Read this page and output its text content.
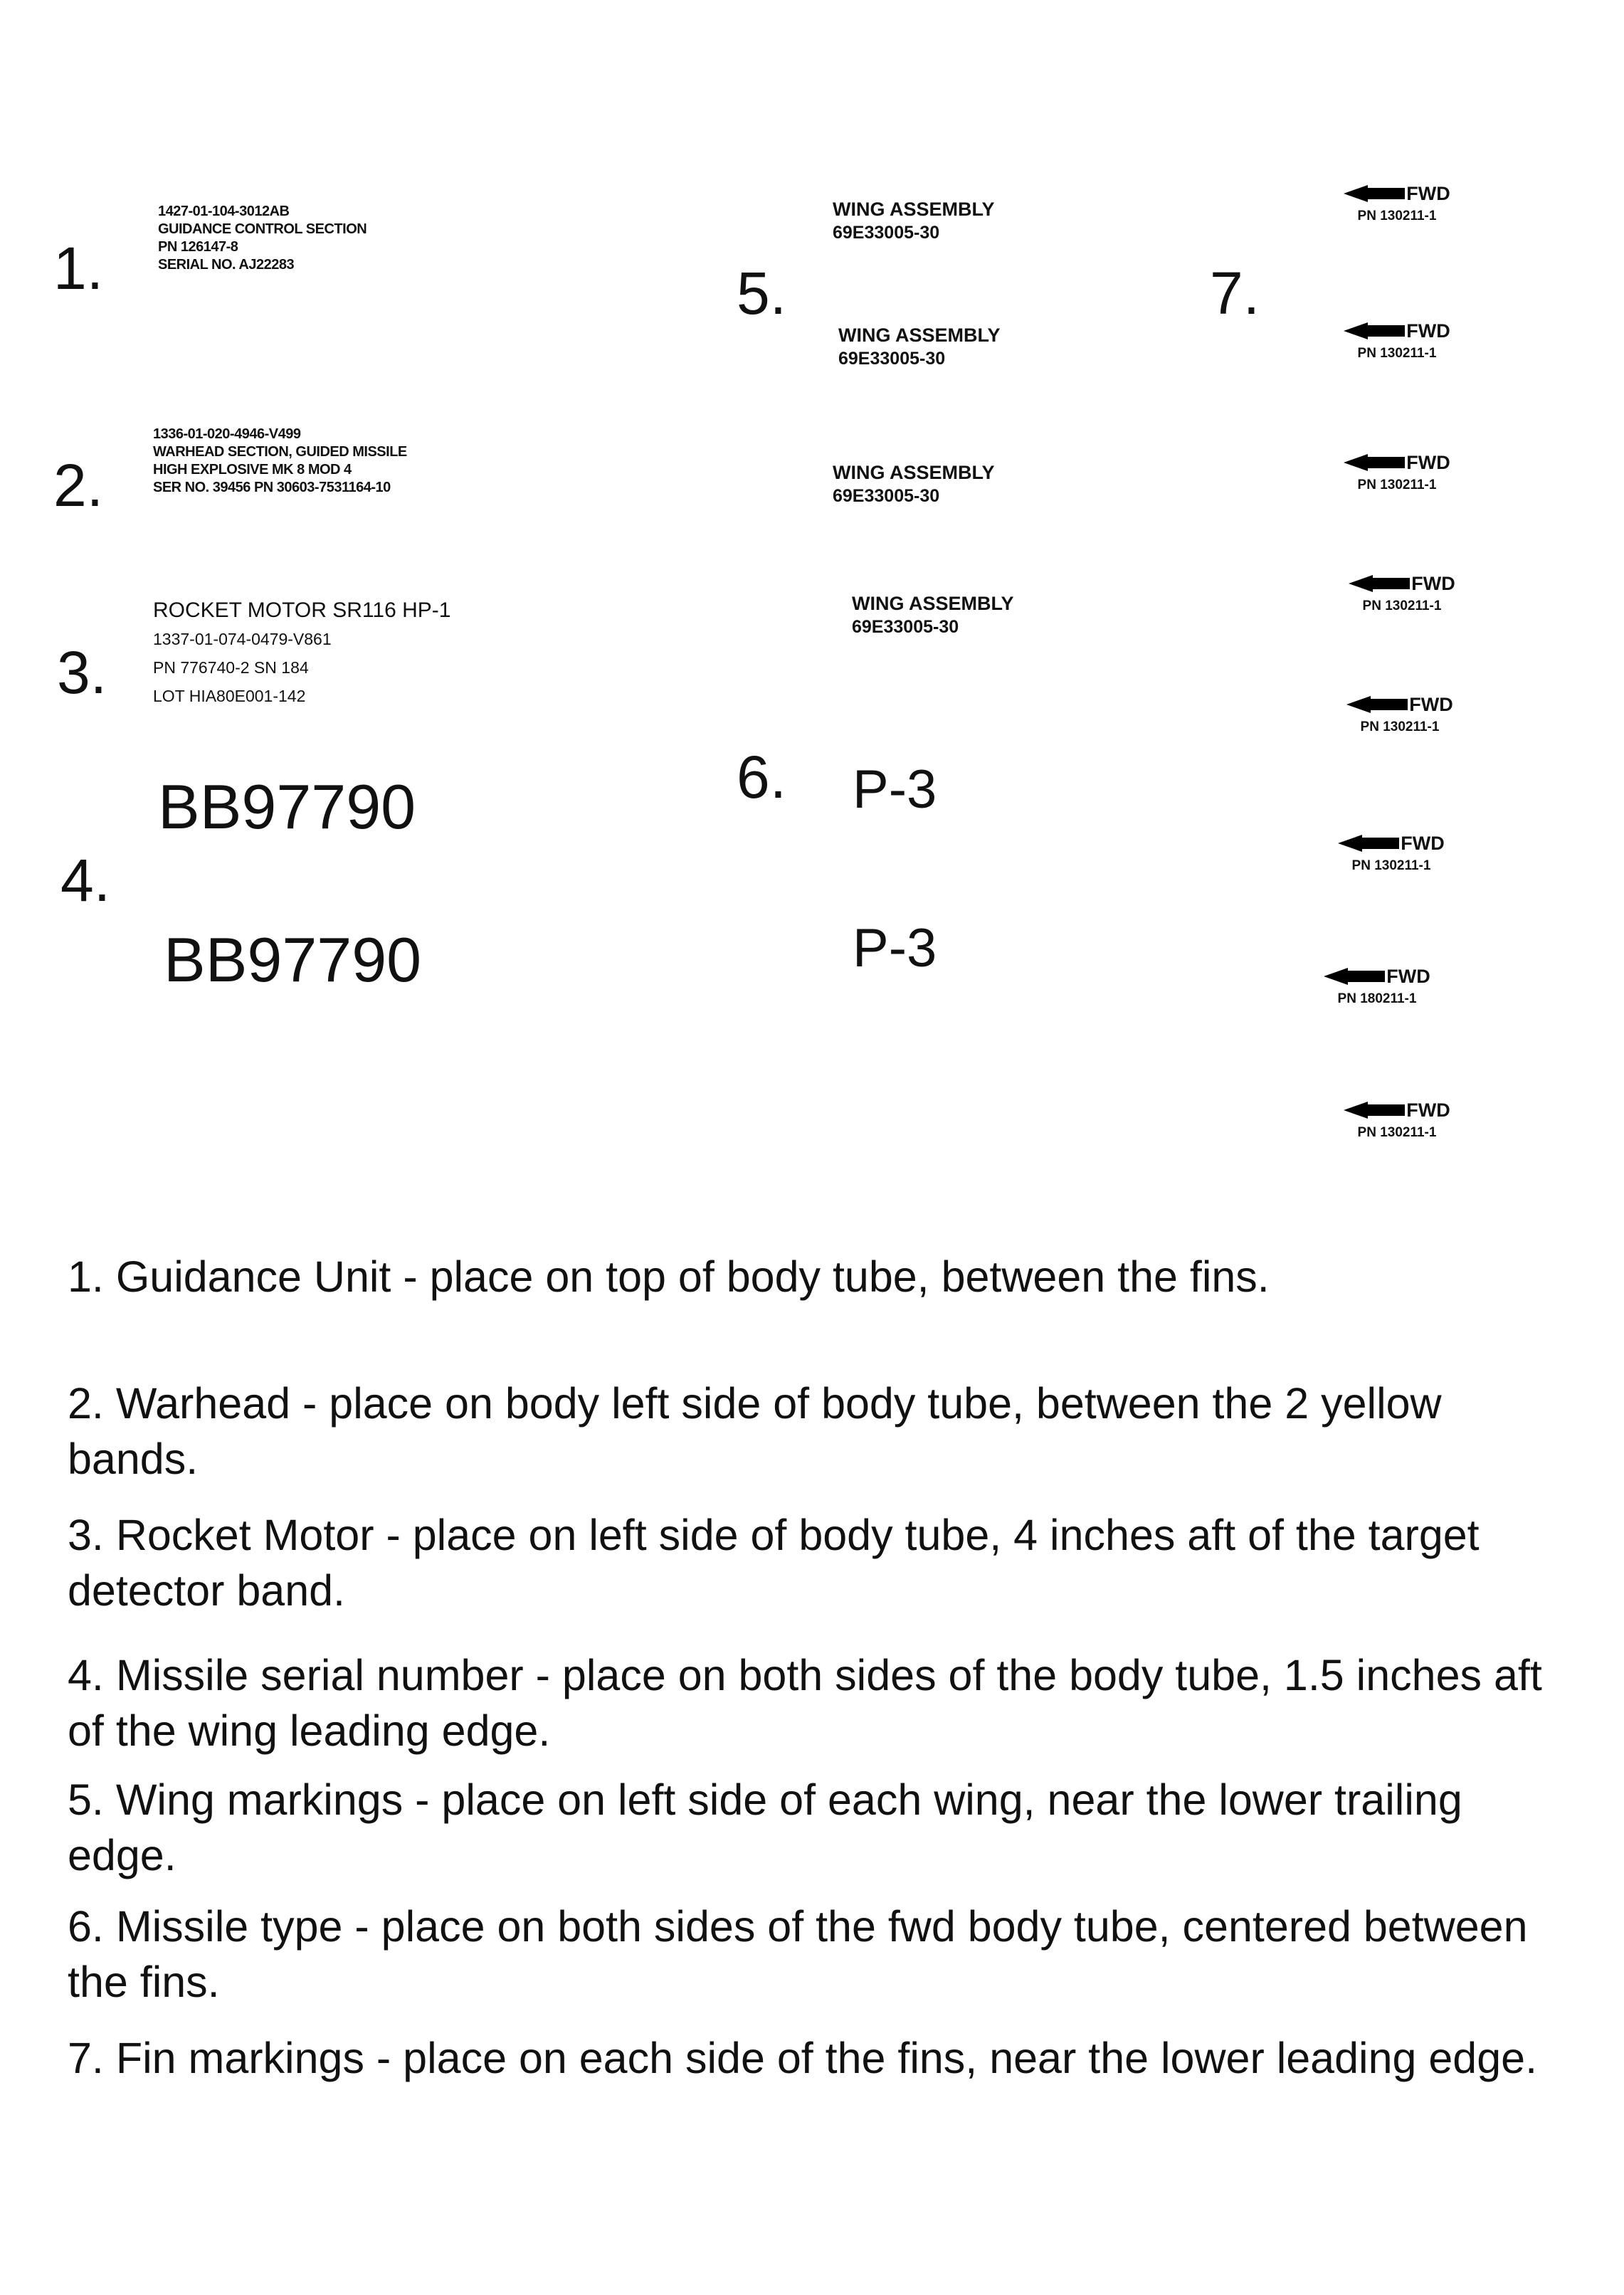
1.
2.
3.
4.
5.
6.
7.
1427-01-104-3012AB
GUIDANCE CONTROL SECTION
PN 126147-8
SERIAL NO. AJ22283
1336-01-020-4946-V499
WARHEAD SECTION, GUIDED MISSILE
HIGH EXPLOSIVE MK 8 MOD 4
SER NO. 39456 PN 30603-7531164-10
ROCKET MOTOR SR116 HP-1
1337-01-074-0479-V861
PN 776740-2 SN 184
LOT HIA80E001-142
BB97790
BB97790
WING ASSEMBLY
69E33005-30
WING ASSEMBLY
69E33005-30
WING ASSEMBLY
69E33005-30
WING ASSEMBLY
69E33005-30
P-3
P-3
FWD
PN 130211-1
FWD
PN 130211-1
FWD
PN 130211-1
FWD
PN 130211-1
FWD
PN 130211-1
FWD
PN 130211-1
FWD
PN 180211-1
FWD
PN 130211-1
1. Guidance Unit - place on top of body tube, between the fins.
2. Warhead - place on body left side of body tube, between the 2 yellow bands.
3. Rocket Motor - place on left side of body tube, 4 inches aft of the target detector band.
4. Missile serial number - place on both sides of the body tube, 1.5 inches aft of the wing leading edge.
5. Wing markings - place on left side of each wing, near the lower trailing edge.
6. Missile type - place on both sides of the fwd body tube, centered between the fins.
7. Fin markings - place on each side of the fins, near the lower leading edge.
